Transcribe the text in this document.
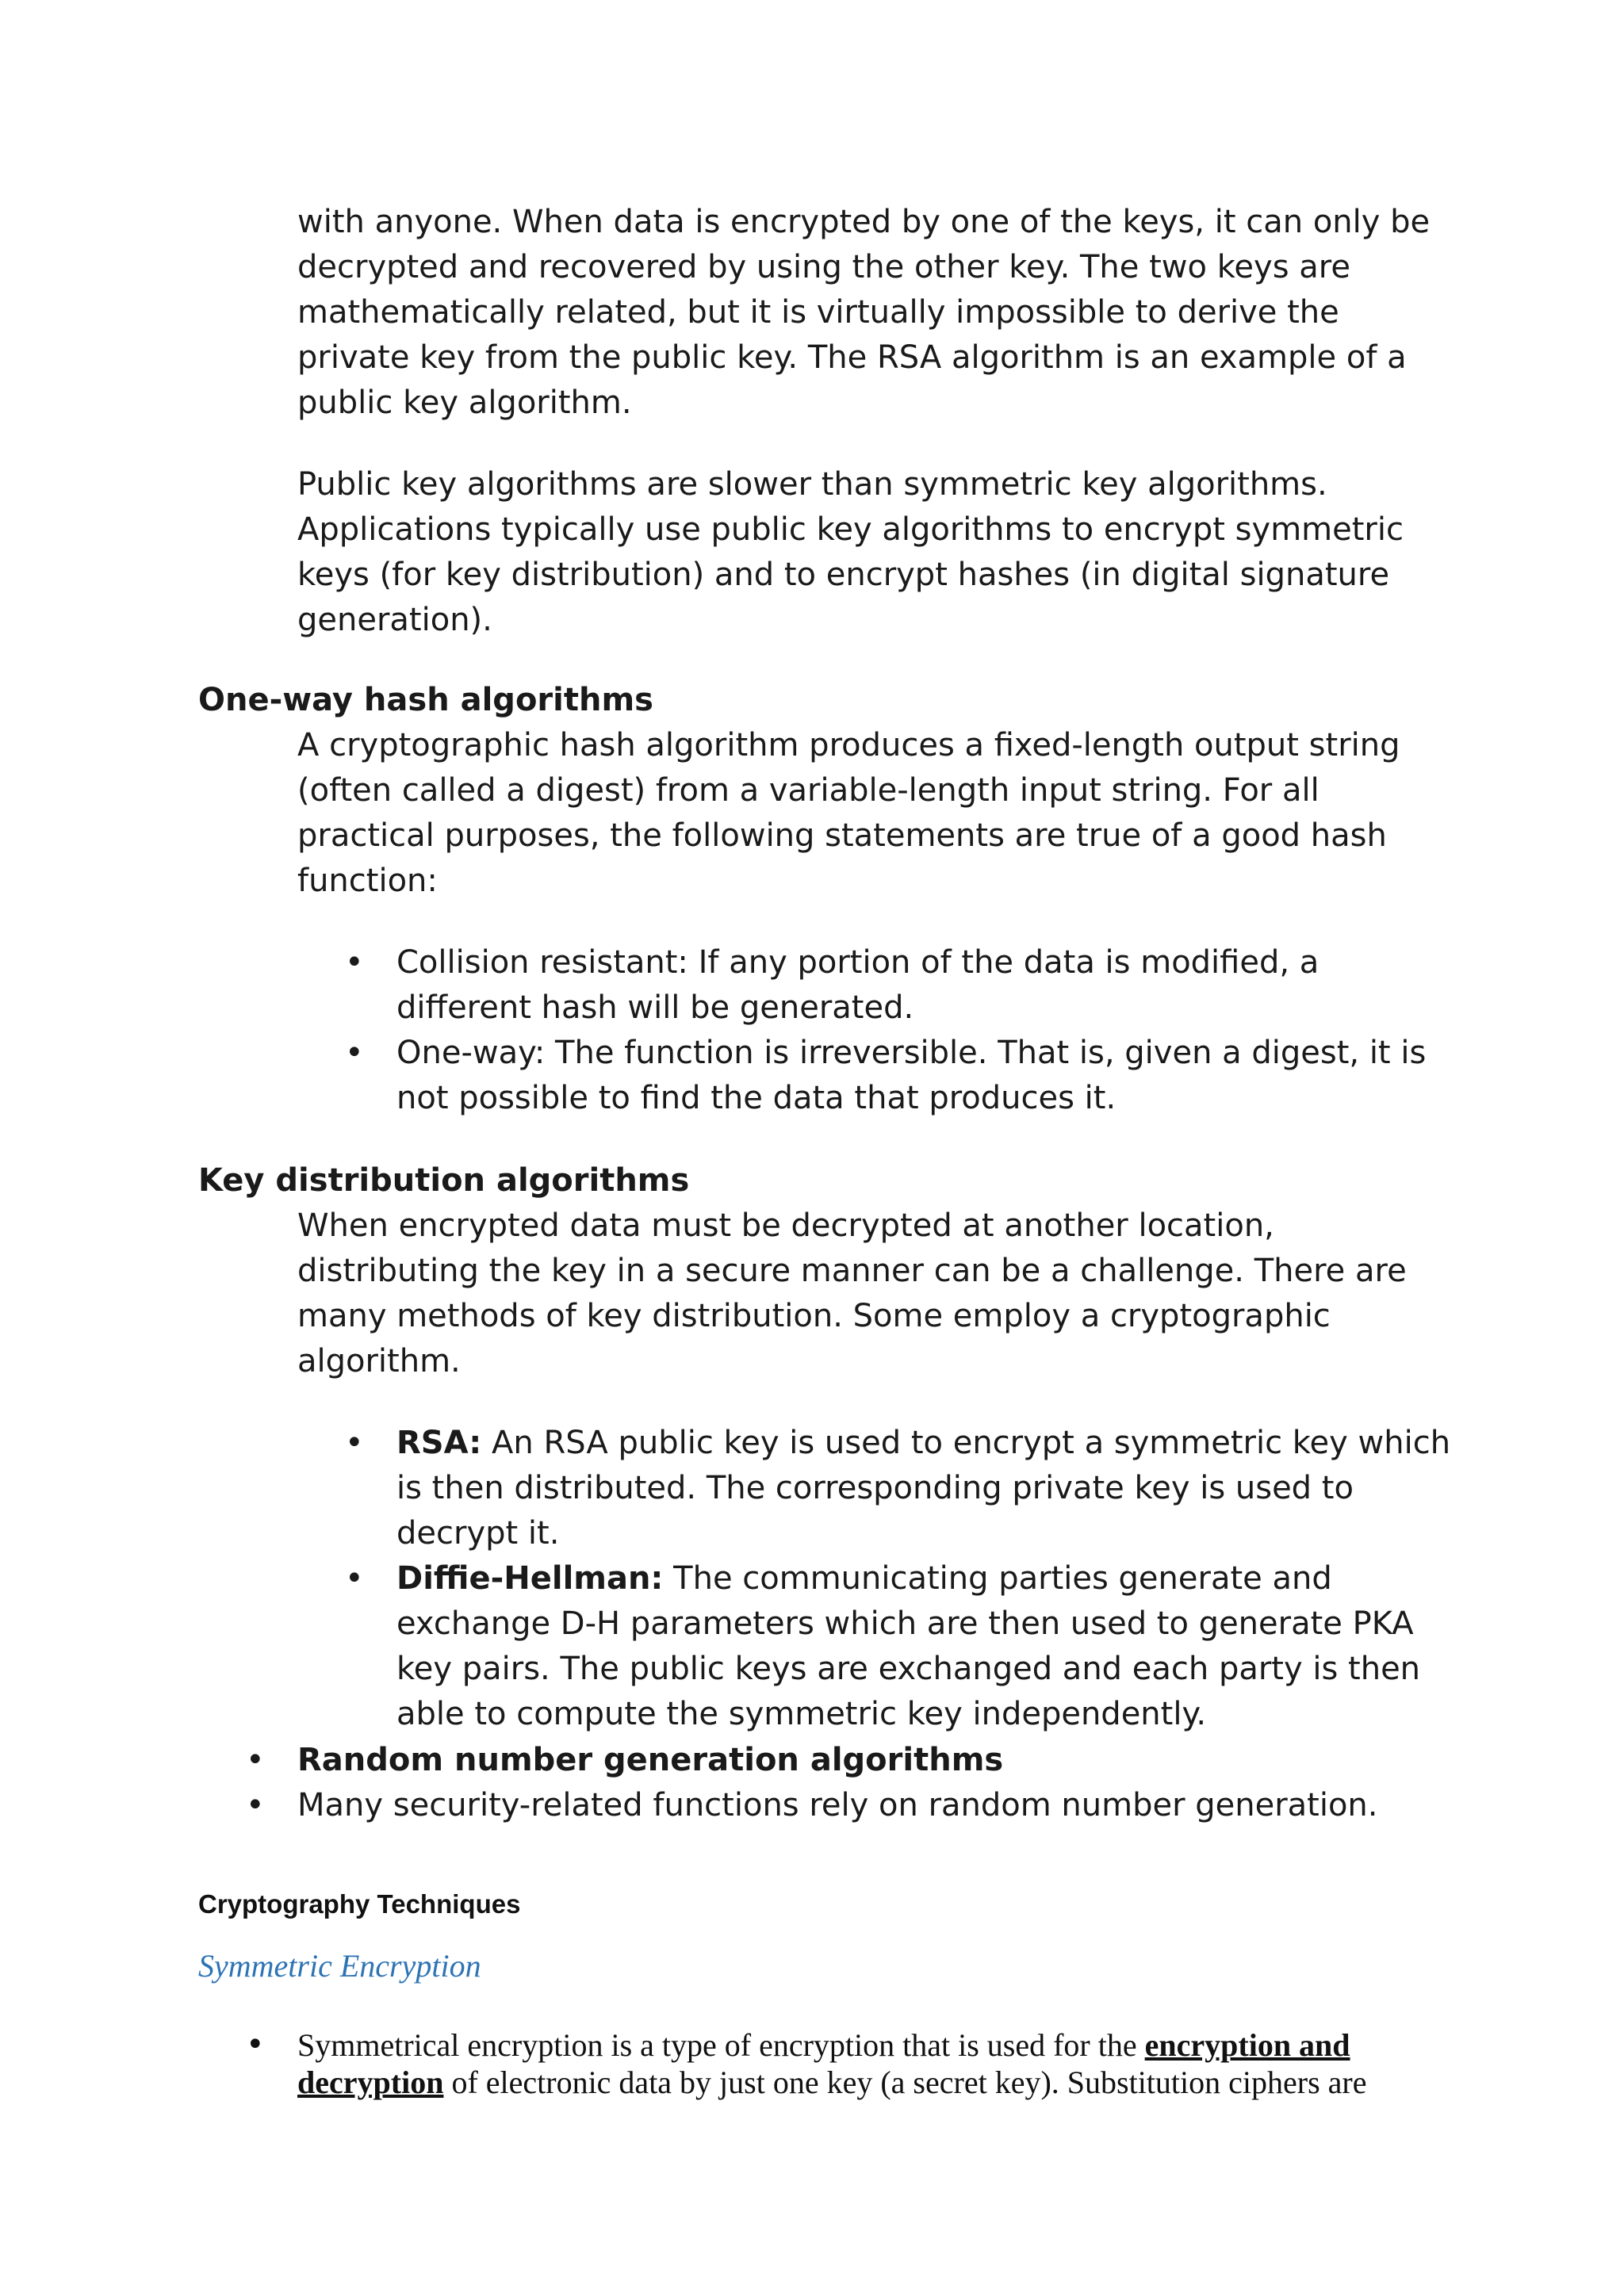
with anyone. When data is encrypted by one of the keys, it can only be decrypted and recovered by using the other key. The two keys are mathematically related, but it is virtually impossible to derive the private key from the public key. The RSA algorithm is an example of a public key algorithm.

Public key algorithms are slower than symmetric key algorithms. Applications typically use public key algorithms to encrypt symmetric keys (for key distribution) and to encrypt hashes (in digital signature generation).

One-way hash algorithms

A cryptographic hash algorithm produces a fixed-length output string (often called a digest) from a variable-length input string. For all practical purposes, the following statements are true of a good hash function:

• Collision resistant: If any portion of the data is modified, a different hash will be generated.
• One-way: The function is irreversible. That is, given a digest, it is not possible to find the data that produces it.
Key distribution algorithms

When encrypted data must be decrypted at another location, distributing the key in a secure manner can be a challenge. There are many methods of key distribution. Some employ a cryptographic algorithm.

• RSA: An RSA public key is used to encrypt a symmetric key which is then distributed. The corresponding private key is used to decrypt it.
• Diffie-Hellman: The communicating parties generate and exchange D-H parameters which are then used to generate PKA key pairs. The public keys are exchanged and each party is then able to compute the symmetric key independently.
• Random number generation algorithms
• Many security-related functions rely on random number generation.
Cryptography Techniques
Symmetric Encryption
• Symmetrical encryption is a type of encryption that is used for the encryption and decryption of electronic data by just one key (a secret key). Substitution ciphers are
